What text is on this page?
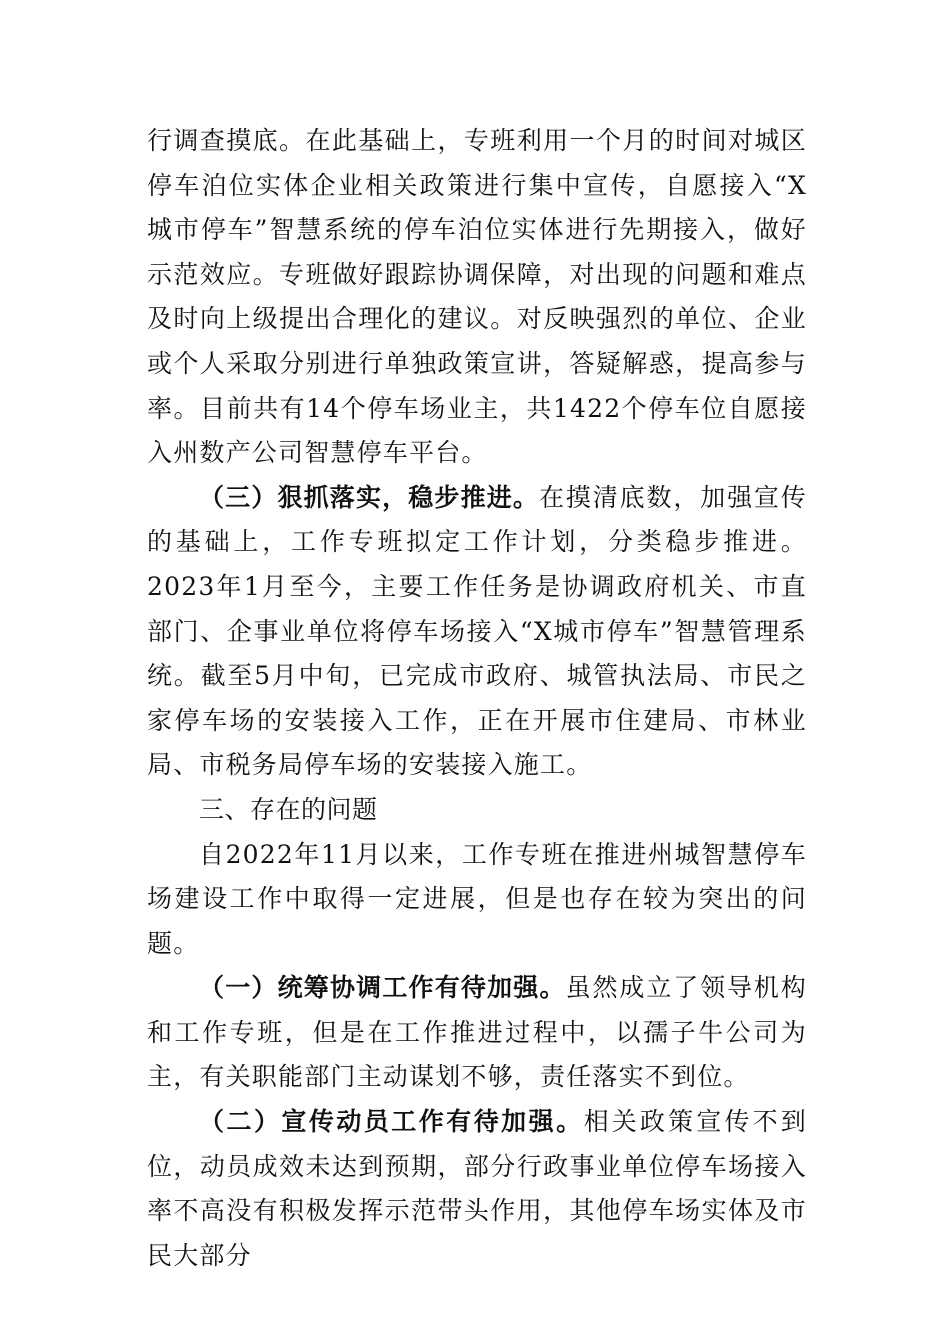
行调查摸底。在此基础上，专班利用一个月的时间对城区停车泊位实体企业相关政策进行集中宣传，自愿接入“X城市停车”智慧系统的停车泊位实体进行先期接入，做好示范效应。专班做好跟踪协调保障，对出现的问题和难点及时向上级提出合理化的建议。对反映强烈的单位、企业或个人采取分别进行单独政策宣讲，答疑解惑，提高参与率。目前共有14个停车场业主，共1422个停车位自愿接入州数产公司智慧停车平台。

（三）狠抓落实，稳步推进。在摸清底数，加强宣传的基础上，工作专班拟定工作计划，分类稳步推进。2023年1月至今，主要工作任务是协调政府机关、市直部门、企事业单位将停车场接入“X城市停车”智慧管理系统。截至5月中旬，已完成市政府、城管执法局、市民之家停车场的安装接入工作，正在开展市住建局、市林业局、市税务局停车场的安装接入施工。

三、存在的问题

自2022年11月以来，工作专班在推进州城智慧停车场建设工作中取得一定进展，但是也存在较为突出的问题。

（一）统筹协调工作有待加强。虽然成立了领导机构和工作专班，但是在工作推进过程中，以孺子牛公司为主，有关职能部门主动谋划不够，责任落实不到位。

（二）宣传动员工作有待加强。相关政策宣传不到位，动员成效未达到预期，部分行政事业单位停车场接入率不高没有积极发挥示范带头作用，其他停车场实体及市民大部分
